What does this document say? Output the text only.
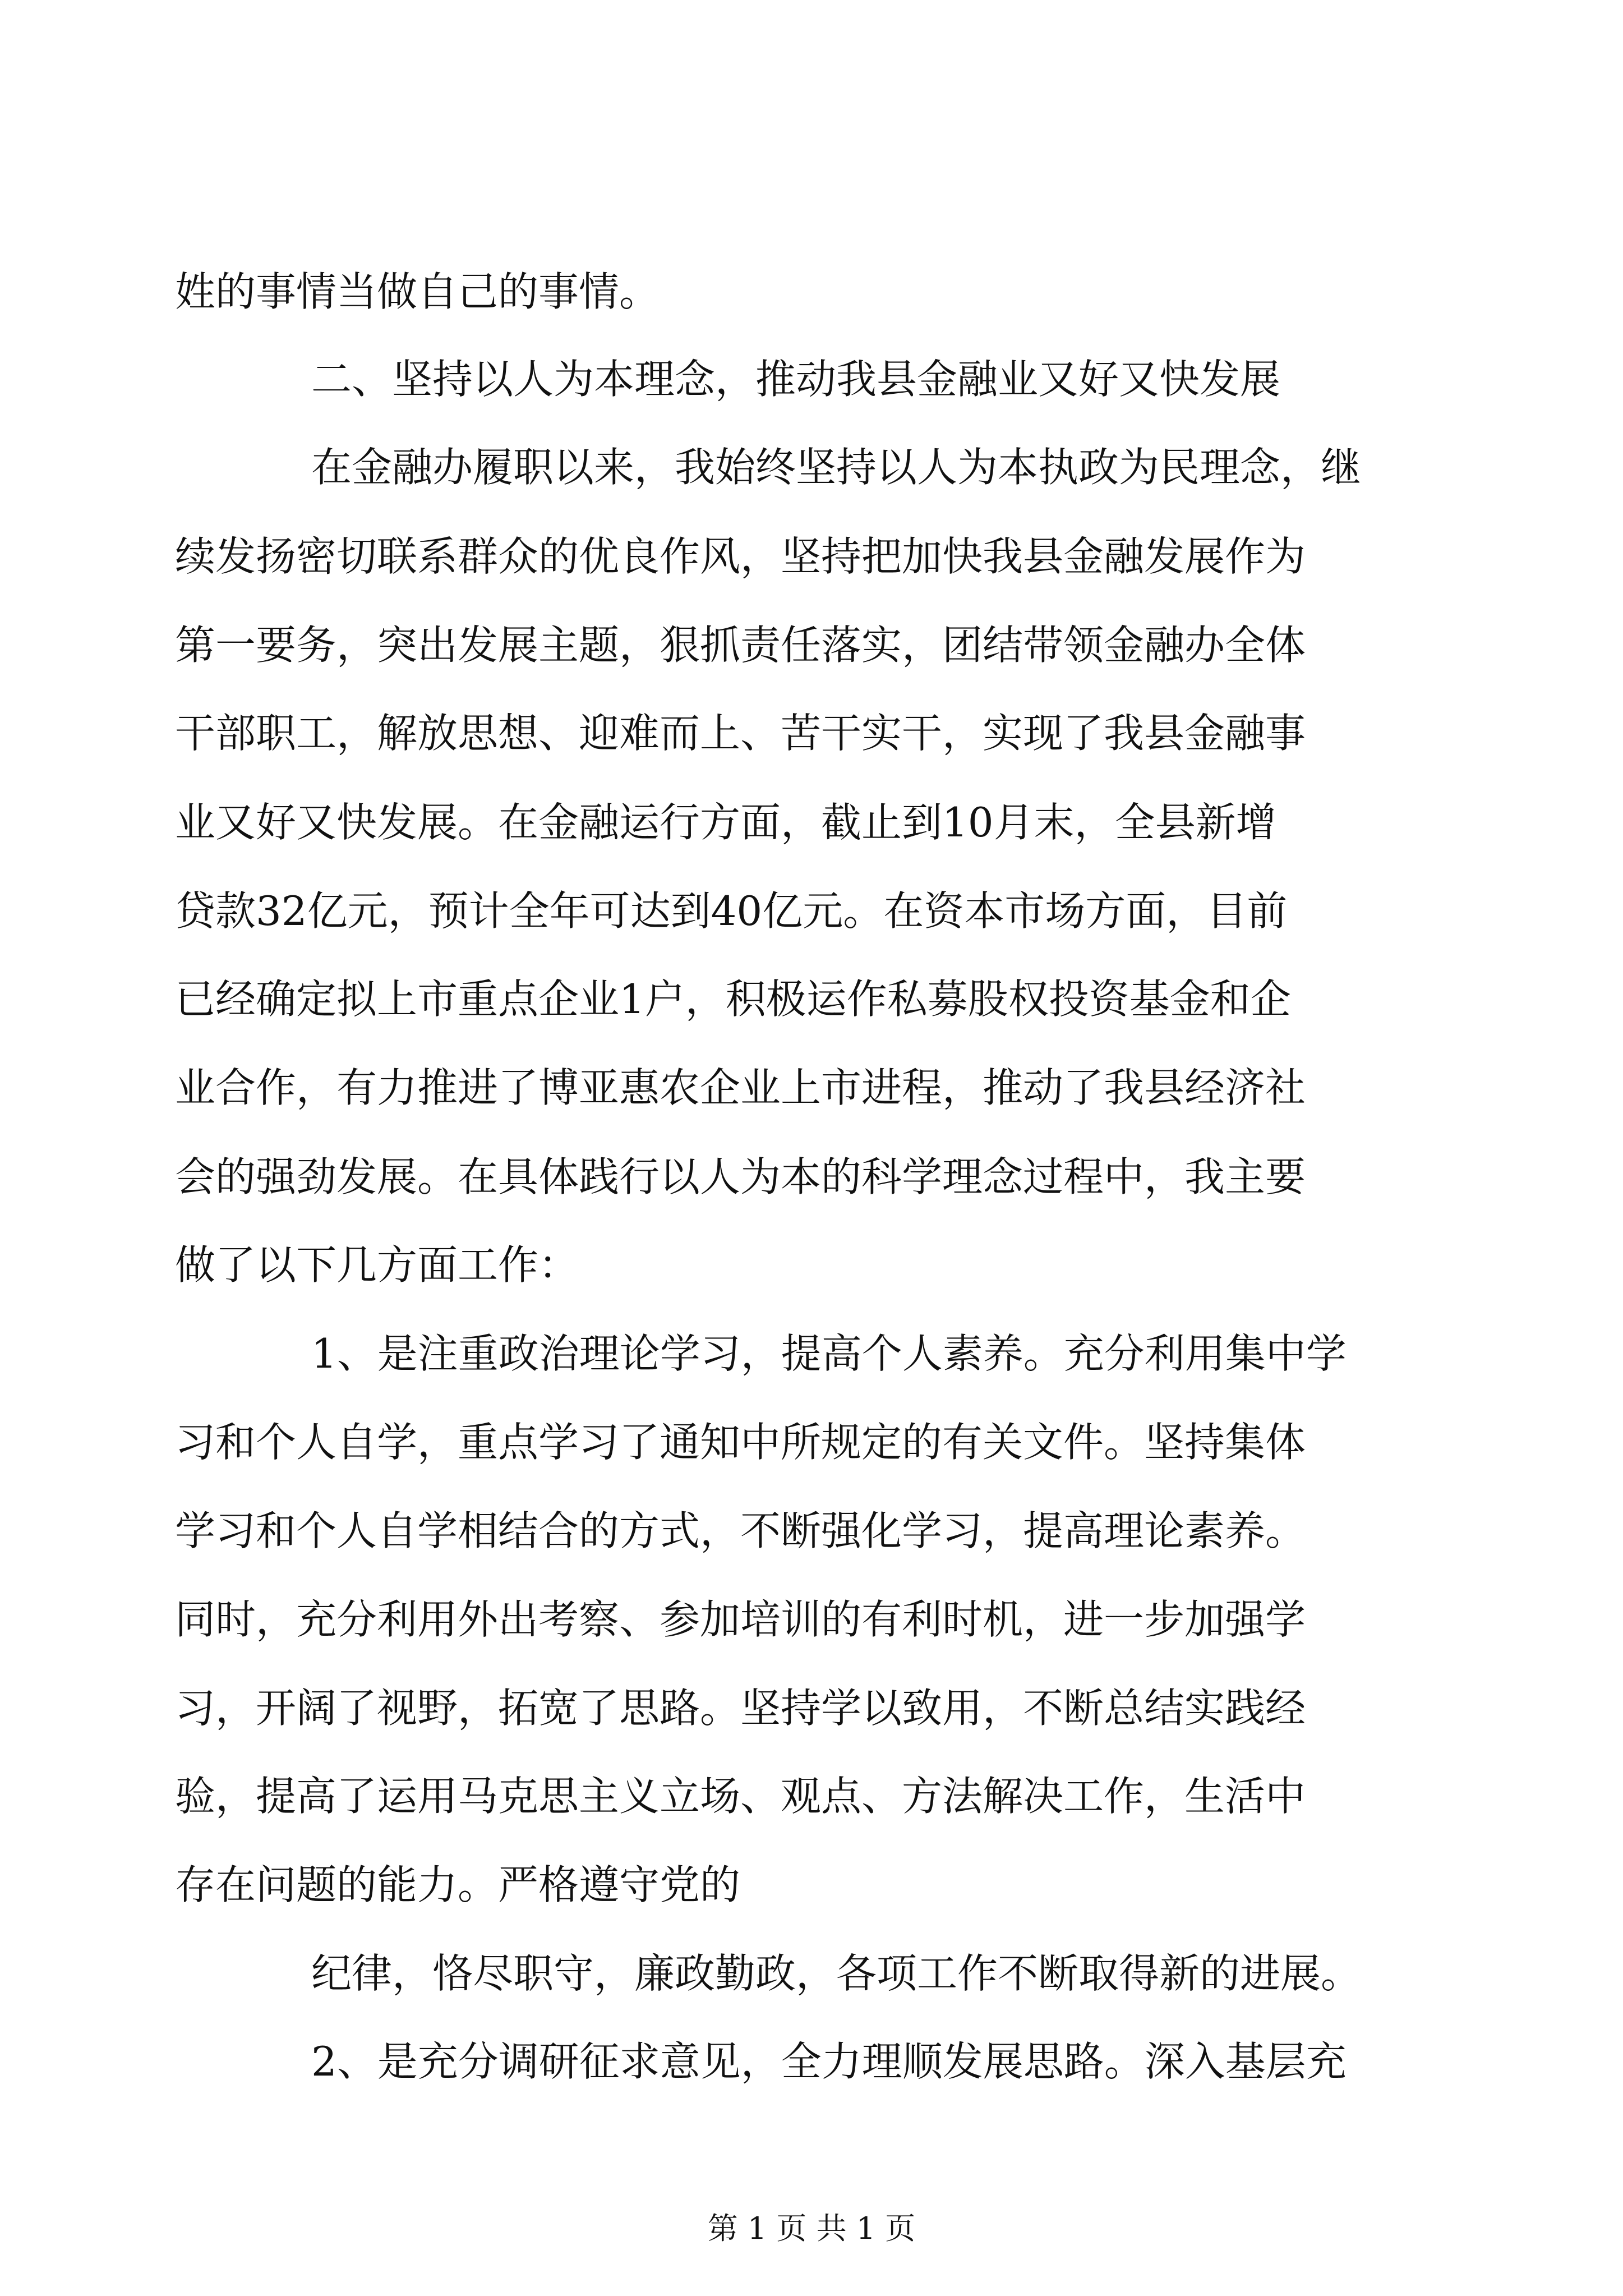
姓的事情当做自己的事情。
二、坚持以人为本理念，推动我县金融业又好又快发展
在金融办履职以来，我始终坚持以人为本执政为民理念，继
续发扬密切联系群众的优良作风，坚持把加快我县金融发展作为
第一要务，突出发展主题，狠抓责任落实，团结带领金融办全体
干部职工，解放思想、迎难而上、苦干实干，实现了我县金融事
业又好又快发展。在金融运行方面，截止到10月末，全县新增
贷款32亿元，预计全年可达到40亿元。在资本市场方面，目前
已经确定拟上市重点企业1户，积极运作私募股权投资基金和企
业合作，有力推进了博亚惠农企业上市进程，推动了我县经济社
会的强劲发展。在具体践行以人为本的科学理念过程中，我主要
做了以下几方面工作：
1、是注重政治理论学习，提高个人素养。充分利用集中学
习和个人自学，重点学习了通知中所规定的有关文件。坚持集体
学习和个人自学相结合的方式，不断强化学习，提高理论素养。
同时，充分利用外出考察、参加培训的有利时机，进一步加强学
习，开阔了视野，拓宽了思路。坚持学以致用，不断总结实践经
验，提高了运用马克思主义立场、观点、方法解决工作，生活中
存在问题的能力。严格遵守党的
纪律，恪尽职守，廉政勤政，各项工作不断取得新的进展。
2、是充分调研征求意见，全力理顺发展思路。深入基层充
第 1 页 共 1 页
